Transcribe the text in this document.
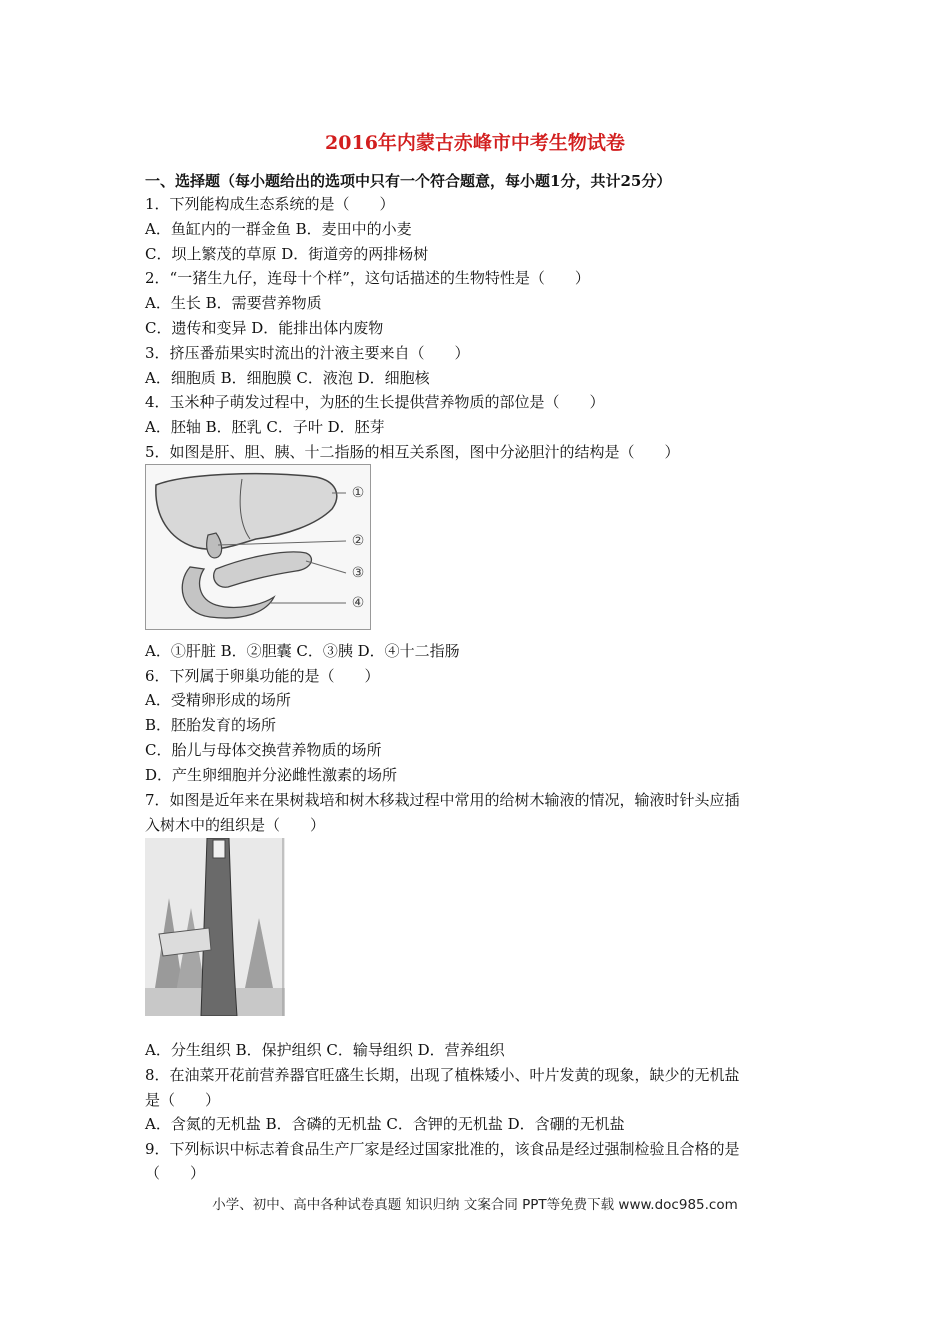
2016年内蒙古赤峰市中考生物试卷
一、选择题（每小题给出的选项中只有一个符合题意，每小题1分，共计25分）
1．下列能构成生态系统的是（　　）
A．鱼缸内的一群金鱼 B．麦田中的小麦
C．坝上繁茂的草原 D．街道旁的两排杨树
2．“一猪生九仔，连母十个样”，这句话描述的生物特性是（　　）
A．生长 B．需要营养物质
C．遗传和变异 D．能排出体内废物
3．挤压番茄果实时流出的汁液主要来自（　　）
A．细胞质 B．细胞膜 C．液泡 D．细胞核
4．玉米种子萌发过程中，为胚的生长提供营养物质的部位是（　　）
A．胚轴 B．胚乳 C．子叶 D．胚芽
5．如图是肝、胆、胰、十二指肠的相互关系图，图中分泌胆汁的结构是（　　）
A．①肝脏 B．②胆囊 C．③胰 D．④十二指肠
6．下列属于卵巢功能的是（　　）
A．受精卵形成的场所
B．胚胎发育的场所
C．胎儿与母体交换营养物质的场所
D．产生卵细胞并分泌雌性激素的场所
7．如图是近年来在果树栽培和树木移栽过程中常用的给树木输液的情况，输液时针头应插
入树木中的组织是（　　）
A．分生组织 B．保护组织 C．输导组织 D．营养组织
8．在油菜开花前营养器官旺盛生长期，出现了植株矮小、叶片发黄的现象，缺少的无机盐
是（　　）
A．含氮的无机盐 B．含磷的无机盐 C．含钾的无机盐 D．含硼的无机盐
9．下列标识中标志着食品生产厂家是经过国家批准的，该食品是经过强制检验且合格的是
（　　）
①
②
③
④
小学、初中、高中各种试卷真题 知识归纳 文案合同 PPT等免费下载 www.doc985.com
